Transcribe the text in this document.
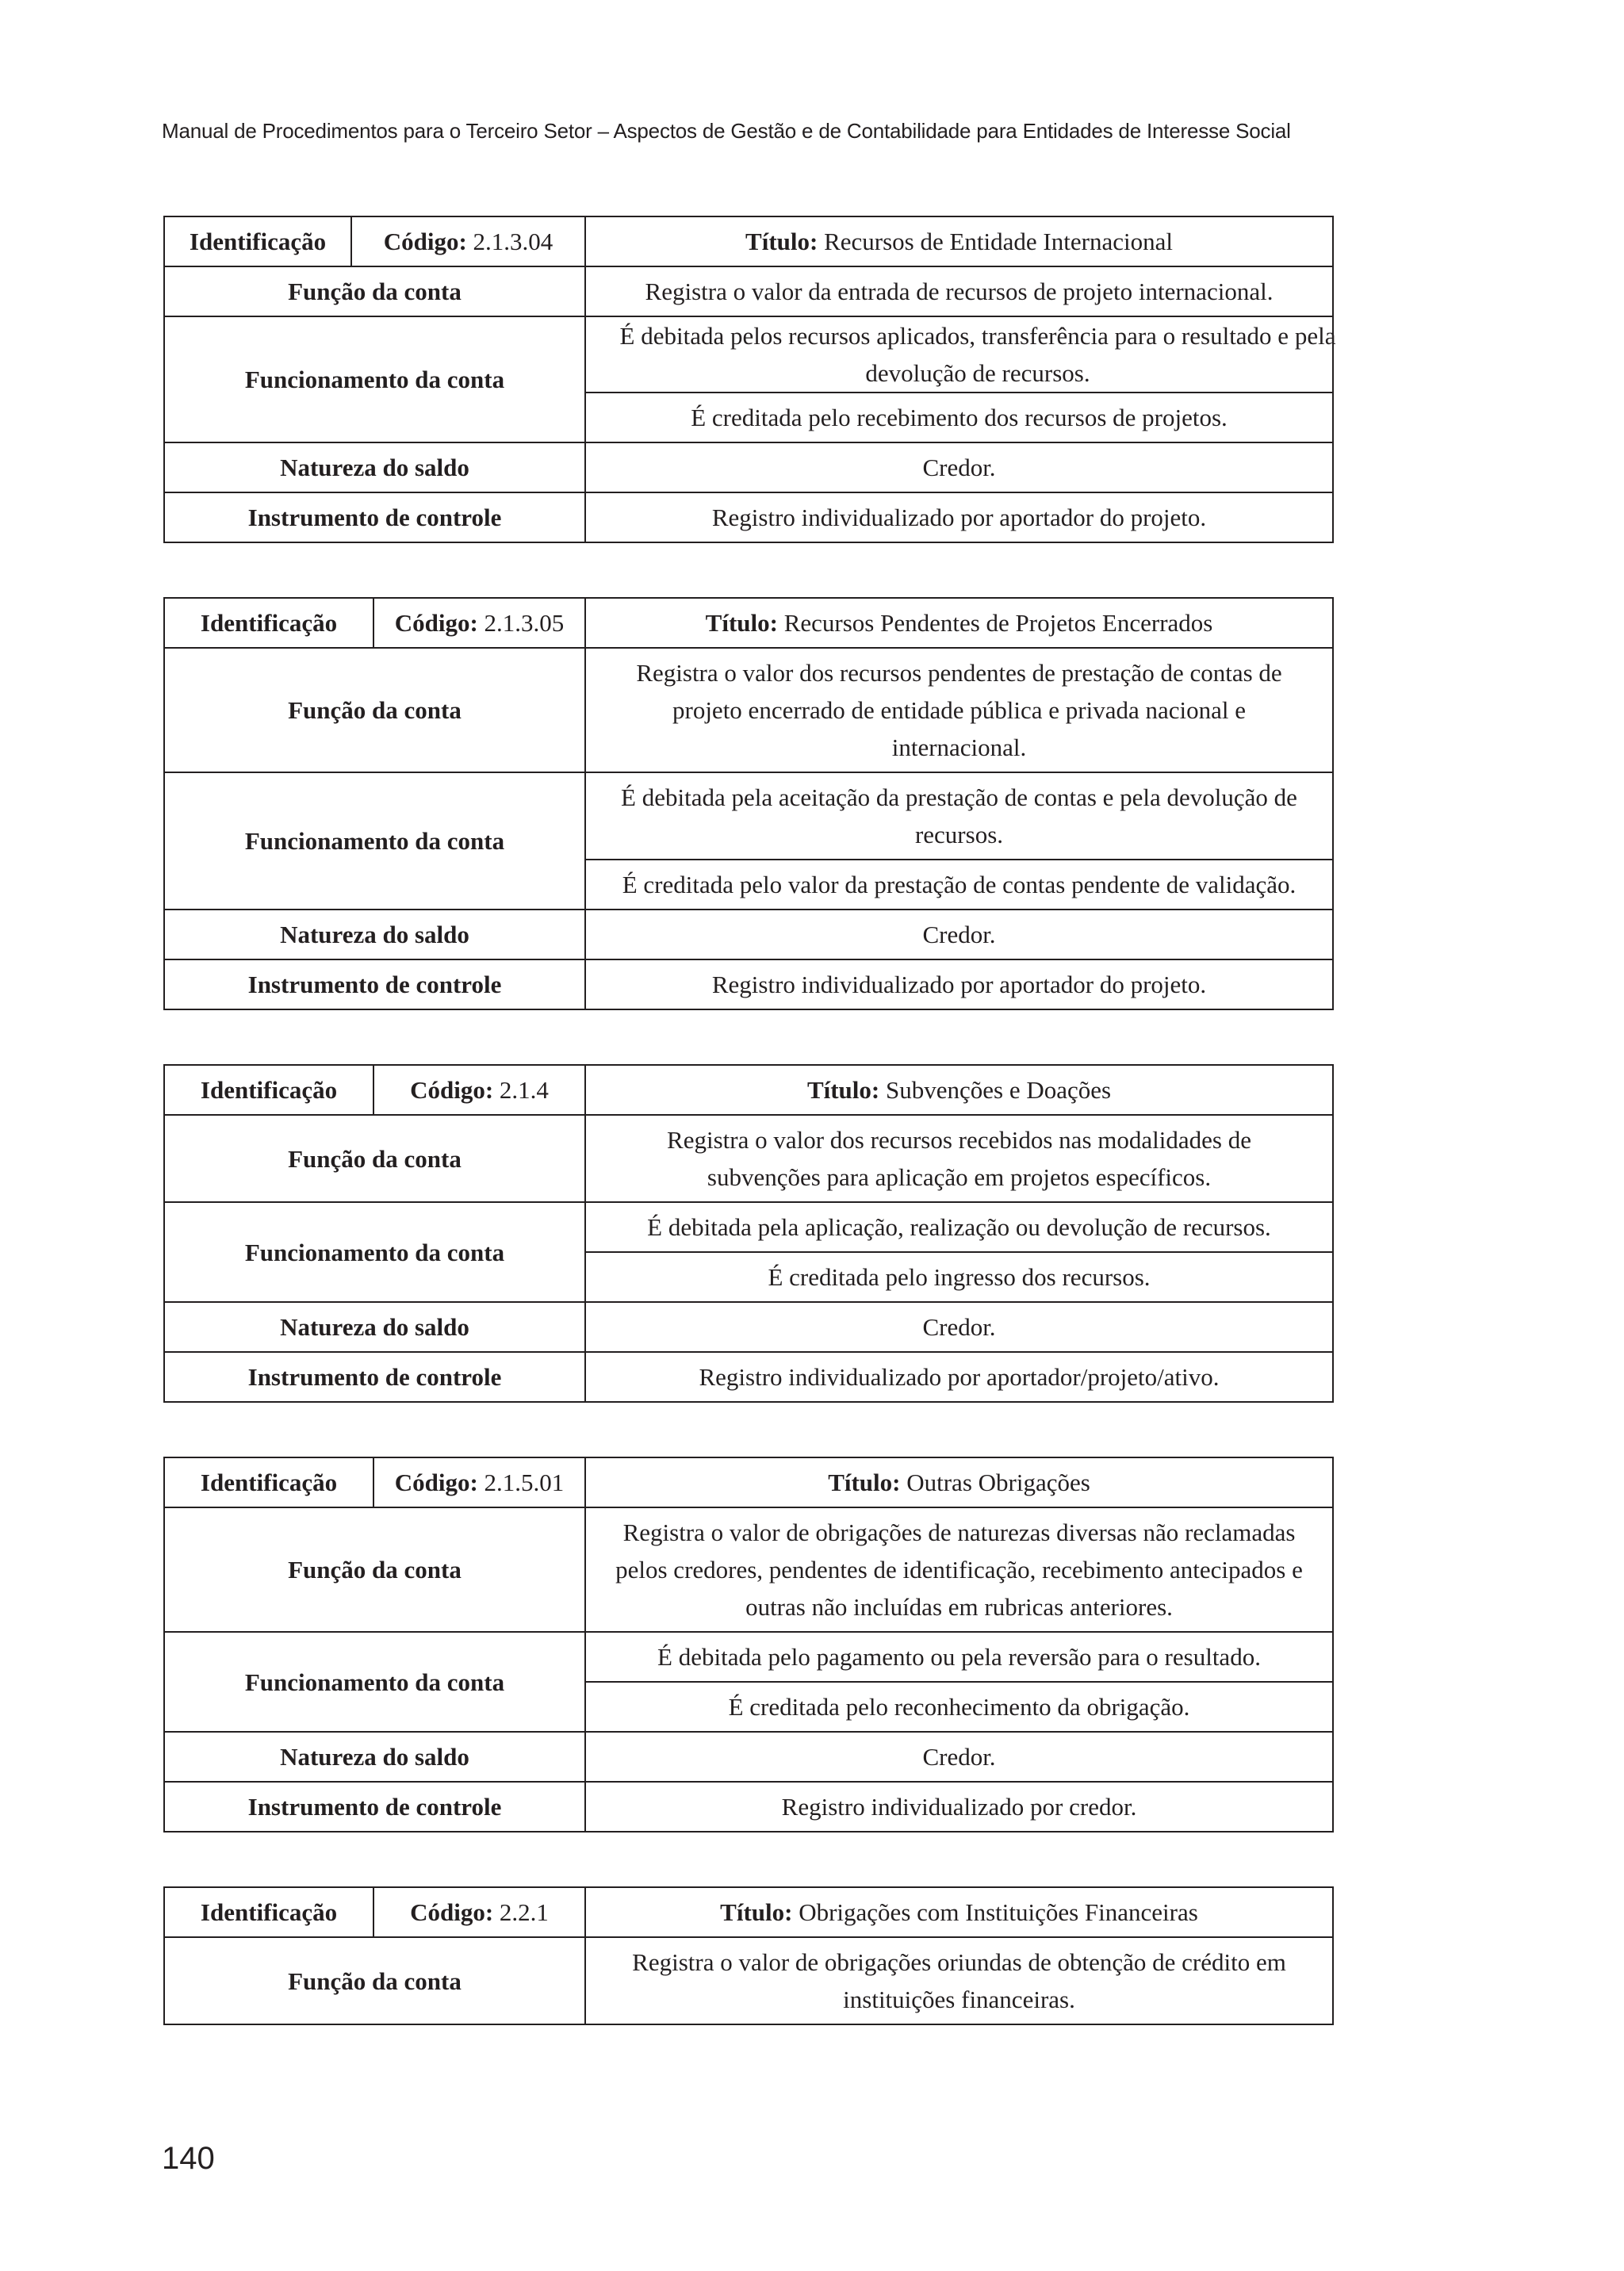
Manual de Procedimentos para o Terceiro Setor – Aspectos de Gestão e de Contabilidade para Entidades de Interesse Social
Identificação	Código: 2.1.3.04	Título: Recursos de Entidade Internacional
Função da conta		Registra o valor da entrada de recursos de projeto internacional.
Funcionamento da conta		É debitada pelos recursos aplicados, transferência para o resultado e pela devolução de recursos.

		É creditada pelo recebimento dos recursos de projetos.
Natureza do saldo		Credor.
Instrumento de controle		Registro individualizado por aportador do projeto.
Identificação	Código: 2.1.3.05	Título: Recursos Pendentes de Projetos Encerrados
Função da conta		Registra o valor dos recursos pendentes de prestação de contas de projeto encerrado de entidade pública e privada nacional e internacional.

Funcionamento da conta		É debitada pela aceitação da prestação de contas e pela devolução de recursos.

		É creditada pelo valor da prestação de contas pendente de validação.
Natureza do saldo		Credor.
Instrumento de controle		Registro individualizado por aportador do projeto.
Identificação	Código: 2.1.4	Título: Subvenções e Doações
Função da conta		Registra o valor dos recursos recebidos nas modalidades de subvenções para aplicação em projetos específicos.

Funcionamento da conta		É debitada pela aplicação, realização ou devolução de recursos.
		É creditada pelo ingresso dos recursos.
Natureza do saldo		Credor.
Instrumento de controle		Registro individualizado por aportador/projeto/ativo.
Identificação	Código: 2.1.5.01	Título: Outras Obrigações
Função da conta		Registra o valor de obrigações de naturezas diversas não reclamadas pelos credores, pendentes de identificação, recebimento antecipados e outras não incluídas em rubricas anteriores.
Funcionamento da conta		É debitada pelo pagamento ou pela reversão para o resultado.
		É creditada pelo reconhecimento da obrigação.
Natureza do saldo		Credor.
Instrumento de controle		Registro individualizado por credor.
Identificação	Código: 2.2.1	Título: Obrigações com Instituições Financeiras
Função da conta		Registra o valor de obrigações oriundas de obtenção de crédito em instituições financeiras.
140
